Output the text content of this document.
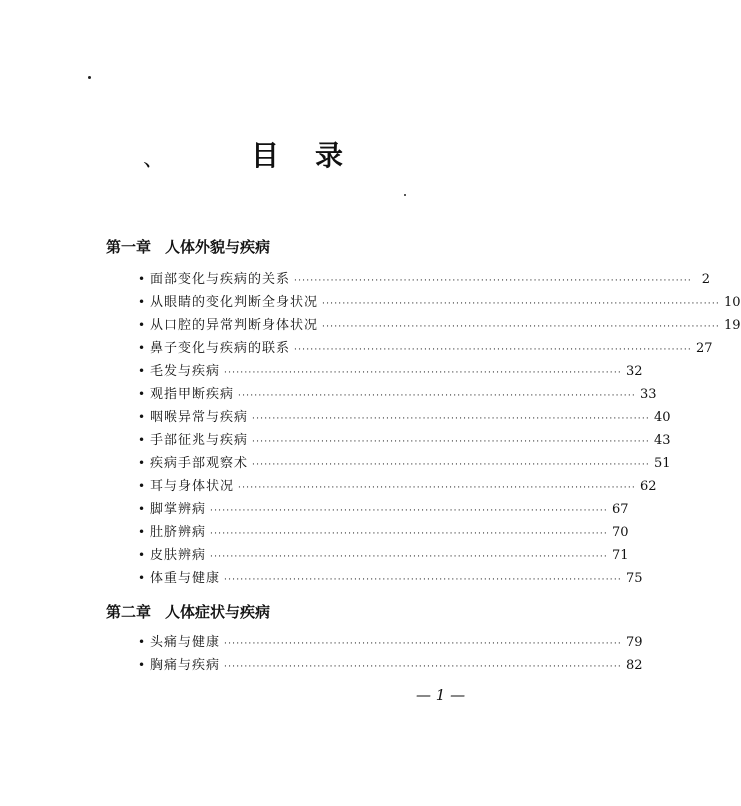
、	目 录
第一章 人体外貌与疾病
• 面部变化与疾病的关系 ·································································································· 2
• 从眼睛的变化判断全身状况 ·································································································· 10
• 从口腔的异常判断身体状况 ·································································································· 19
• 鼻子变化与疾病的联系 ·································································································· 27
• 毛发与疾病 ·································································································· 32
• 观指甲断疾病 ·································································································· 33
• 咽喉异常与疾病 ·································································································· 40
• 手部征兆与疾病 ·································································································· 43
• 疾病手部观察术 ·································································································· 51
• 耳与身体状况 ·································································································· 62
• 脚掌辨病 ·································································································· 67
• 肚脐辨病 ·································································································· 70
• 皮肤辨病 ·································································································· 71
• 体重与健康 ·································································································· 75
第二章 人体症状与疾病
• 头痛与健康 ·································································································· 79
• 胸痛与疾病 ·································································································· 82
— 1 —
